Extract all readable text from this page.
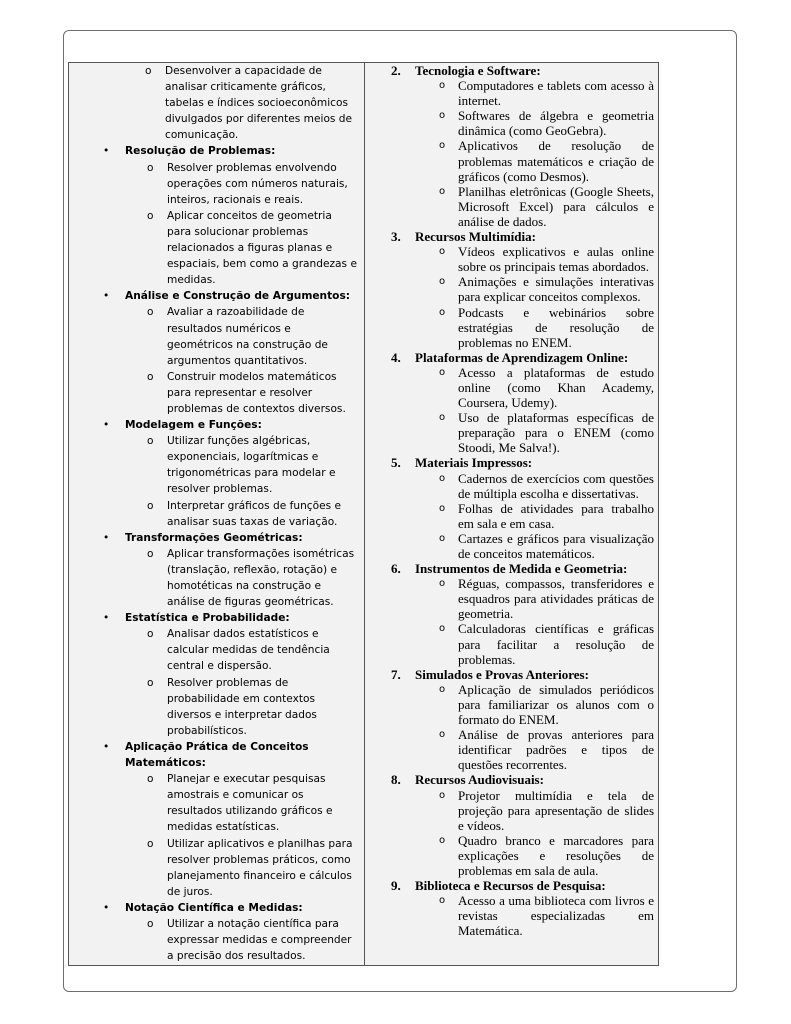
o Desenvolver a capacidade de analisar criticamente gráficos, tabelas e índices socioeconômicos divulgados por diferentes meios de comunicação.
• Resolução de Problemas:
o Resolver problemas envolvendo operações com números naturais, inteiros, racionais e reais.
o Aplicar conceitos de geometria para solucionar problemas relacionados a figuras planas e espaciais, bem como a grandezas e medidas.
• Análise e Construção de Argumentos:
o Avaliar a razoabilidade de resultados numéricos e geométricos na construção de argumentos quantitativos.
o Construir modelos matemáticos para representar e resolver problemas de contextos diversos.
• Modelagem e Funções:
o Utilizar funções algébricas, exponenciais, logarítmicas e trigonométricas para modelar e resolver problemas.
o Interpretar gráficos de funções e analisar suas taxas de variação.
• Transformações Geométricas:
o Aplicar transformações isométricas (translação, reflexão, rotação) e homotéticas na construção e análise de figuras geométricas.
• Estatística e Probabilidade:
o Analisar dados estatísticos e calcular medidas de tendência central e dispersão.
o Resolver problemas de probabilidade em contextos diversos e interpretar dados probabilísticos.
• Aplicação Prática de Conceitos Matemáticos:
o Planejar e executar pesquisas amostrais e comunicar os resultados utilizando gráficos e medidas estatísticas.
o Utilizar aplicativos e planilhas para resolver problemas práticos, como planejamento financeiro e cálculos de juros.
• Notação Científica e Medidas:
o Utilizar a notação científica para expressar medidas e compreender a precisão dos resultados.
2. Tecnologia e Software:
o Computadores e tablets com acesso à internet.
o Softwares de álgebra e geometria dinâmica (como GeoGebra).
o Aplicativos de resolução de problemas matemáticos e criação de gráficos (como Desmos).
o Planilhas eletrônicas (Google Sheets, Microsoft Excel) para cálculos e análise de dados.
3. Recursos Multimídia:
o Vídeos explicativos e aulas online sobre os principais temas abordados.
o Animações e simulações interativas para explicar conceitos complexos.
o Podcasts e webinários sobre estratégias de resolução de problemas no ENEM.
4. Plataformas de Aprendizagem Online:
o Acesso a plataformas de estudo online (como Khan Academy, Coursera, Udemy).
o Uso de plataformas específicas de preparação para o ENEM (como Stoodi, Me Salva!).
5. Materiais Impressos:
o Cadernos de exercícios com questões de múltipla escolha e dissertativas.
o Folhas de atividades para trabalho em sala e em casa.
o Cartazes e gráficos para visualização de conceitos matemáticos.
6. Instrumentos de Medida e Geometria:
o Réguas, compassos, transferidores e esquadros para atividades práticas de geometria.
o Calculadoras científicas e gráficas para facilitar a resolução de problemas.
7. Simulados e Provas Anteriores:
o Aplicação de simulados periódicos para familiarizar os alunos com o formato do ENEM.
o Análise de provas anteriores para identificar padrões e tipos de questões recorrentes.
8. Recursos Audiovisuais:
o Projetor multimídia e tela de projeção para apresentação de slides e vídeos.
o Quadro branco e marcadores para explicações e resoluções de problemas em sala de aula.
9. Biblioteca e Recursos de Pesquisa:
o Acesso a uma biblioteca com livros e revistas especializadas em Matemática.
